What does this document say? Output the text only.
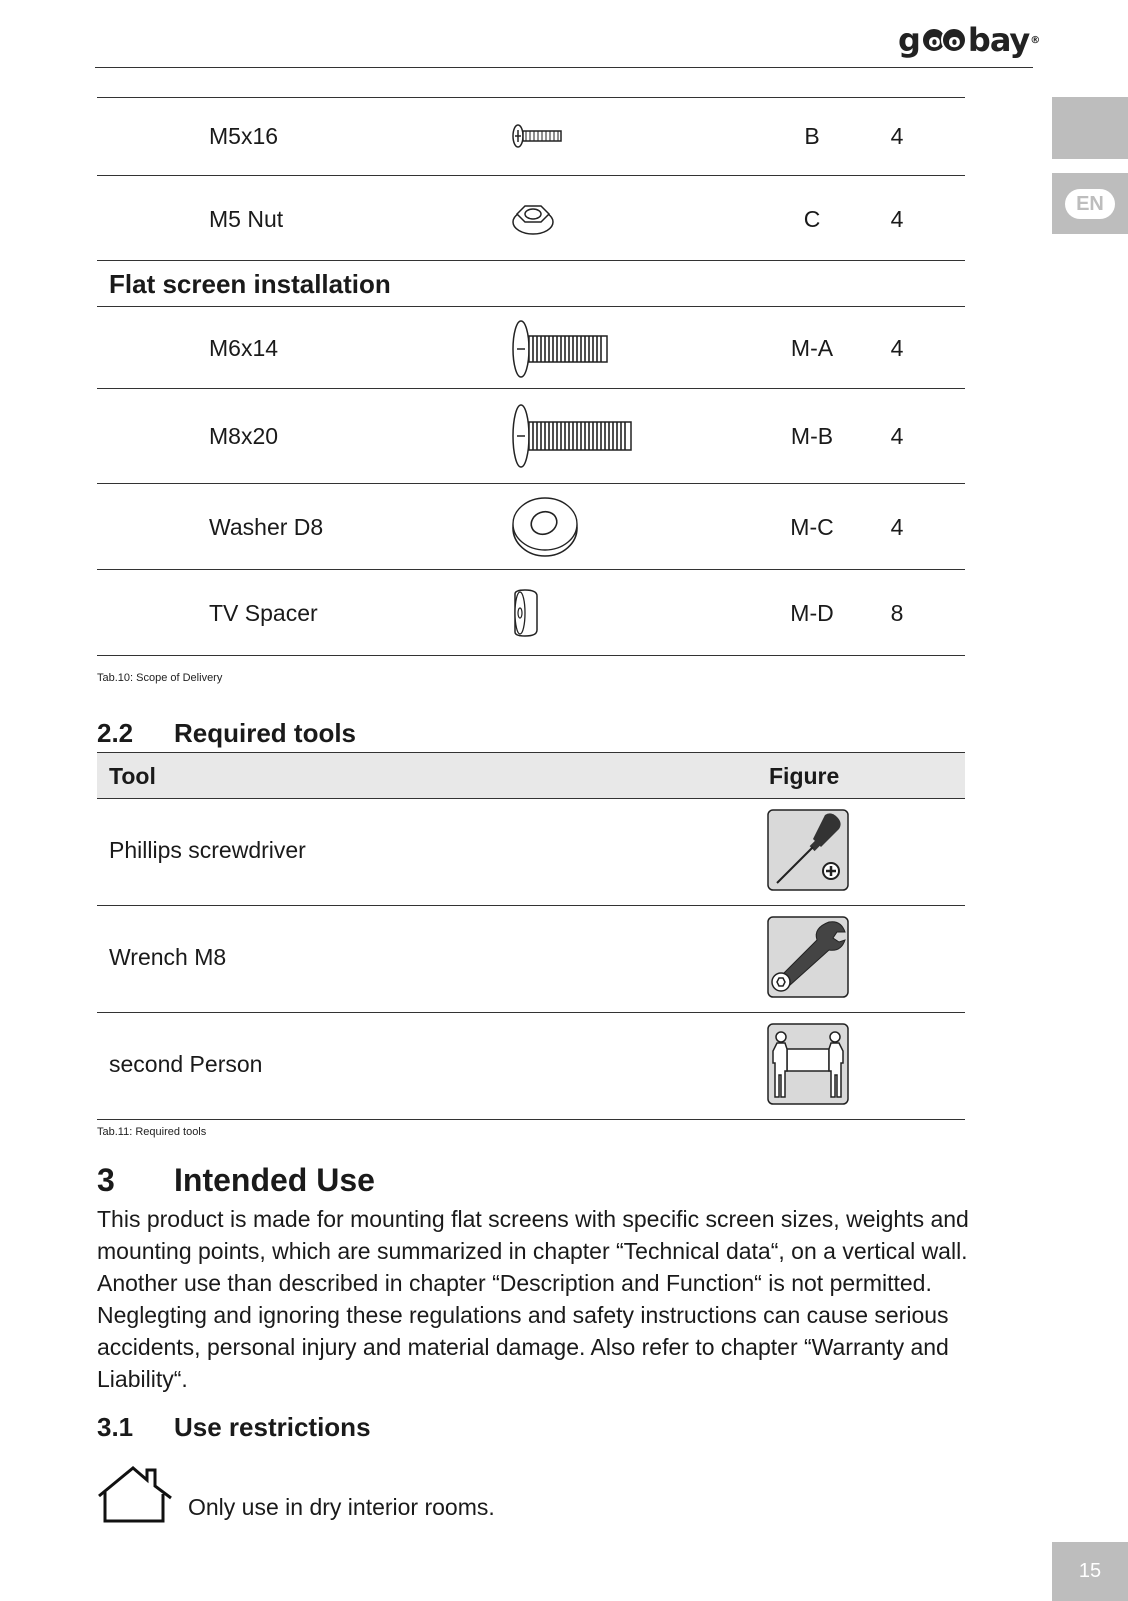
g o o bay ®
EN
M5x16	B	4
M5 Nut	C	4
Flat screen installation
M6x14	M-A	4
M8x20	M-B	4
Washer D8	M-C	4
TV Spacer	M-D	8
Tab.10: Scope of Delivery
2.2 Required tools
Tool	Figure
Phillips screwdriver
Wrench M8
second Person
Tab.11: Required tools
3 Intended Use
This product is made for mounting flat screens with specific screen sizes, weights and mounting points, which are summarized in chapter “Technical data“, on a vertical wall. Another use than described in chapter “Description and Function“ is not permitted. Neglegting and ignoring these regulations and safety instructions can cause serious accidents, personal injury and material damage. Also refer to chapter “Warranty and Liability“.
3.1 Use restrictions
Only use in dry interior rooms.
15
